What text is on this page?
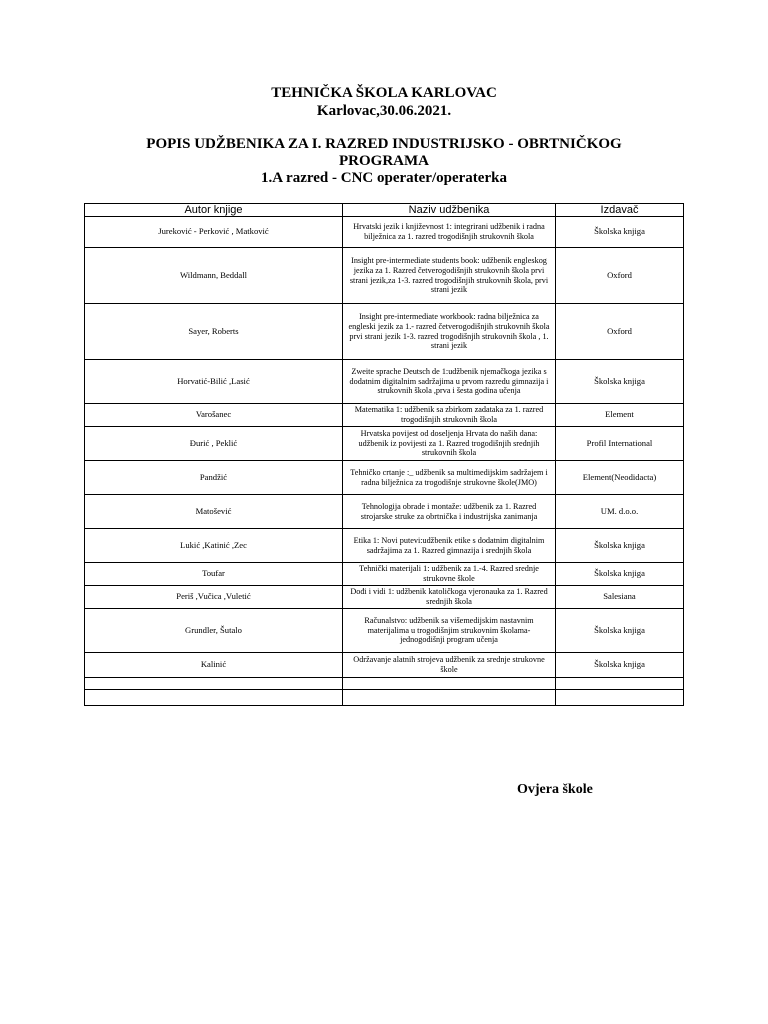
TEHNIČKA ŠKOLA KARLOVAC
Karlovac,30.06.2021.
POPIS UDŽBENIKA ZA I. RAZRED INDUSTRIJSKO - OBRTNIČKOG
PROGRAMA
1.A razred - CNC operater/operaterka
Autor knjige	Naziv udžbenika	Izdavač
Jureković - Perković , Matković	Hrvatski jezik i književnost 1: integrirani udžbenik i radna bilježnica za 1. razred trogodišnjih strukovnih škola	Školska knjiga
Wildmann, Beddall	Insight pre-intermediate students book: udžbenik engleskog jezika za 1. Razred četverogodišnjih strukovnih škola prvi strani jezik,za 1-3. razred trogodišnjih strukovnih škola, prvi strani jezik	Oxford
Sayer, Roberts	Insight pre-intermediate workbook: radna bilježnica za engleski jezik za 1.- razred četverogodišnjih strukovnih škola prvi strani jezik 1-3. razred trogodišnjih strukovnih škola , 1. strani jezik	Oxford
Horvatić-Bilić ,Lasić	Zweite sprache Deutsch de 1:udžbenik njemačkoga jezika s dodatnim digitalnim sadržajima u prvom razredu gimnazija i strukovnih škola ,prva i šesta godina učenja	Školska knjiga
Varošanec	Matematika 1: udžbenik sa zbirkom zadataka za 1. razred trogodišnjih strukovnih škola	Element
Đurić , Peklić	Hrvatska povijest od doseljenja Hrvata do naših dana: udžbenik iz povijesti za 1. Razred trogodišnjih srednjih strukovnih škola	Profil International
Pandžić	Tehničko crtanje :_ udžbenik sa multimedijskim sadržajem i radna bilježnica za trogodišnje strukovne škole(JMO)	Element(Neodidacta)
Matošević	Tehnologija obrade i montaže: udžbenik za 1. Razred strojarske struke za obrtnička i industrijska zanimanja	UM. d.o.o.
Lukić ,Katinić ,Zec	Etika 1: Novi putevi:udžbenik etike s dodatnim digitalnim sadržajima za 1. Razred gimnazija i srednjih škola	Školska knjiga
Toufar	Tehnički materijali 1: udžbenik za 1.-4. Razred srednje strukovne škole	Školska knjiga
Periš ,Vučica ,Vuletić	Dođi i vidi 1: udžbenik katoličkoga vjeronauka za 1. Razred srednjih škola	Salesiana
Grundler, Šutalo	Računalstvo: udžbenik sa višemedijskim nastavnim materijalima u trogodišnjim strukovnim školama- jednogodišnji program učenja	Školska knjiga
Kalinić	Održavanje alatnih strojeva udžbenik za srednje strukovne škole	Školska knjiga

Ovjera škole
